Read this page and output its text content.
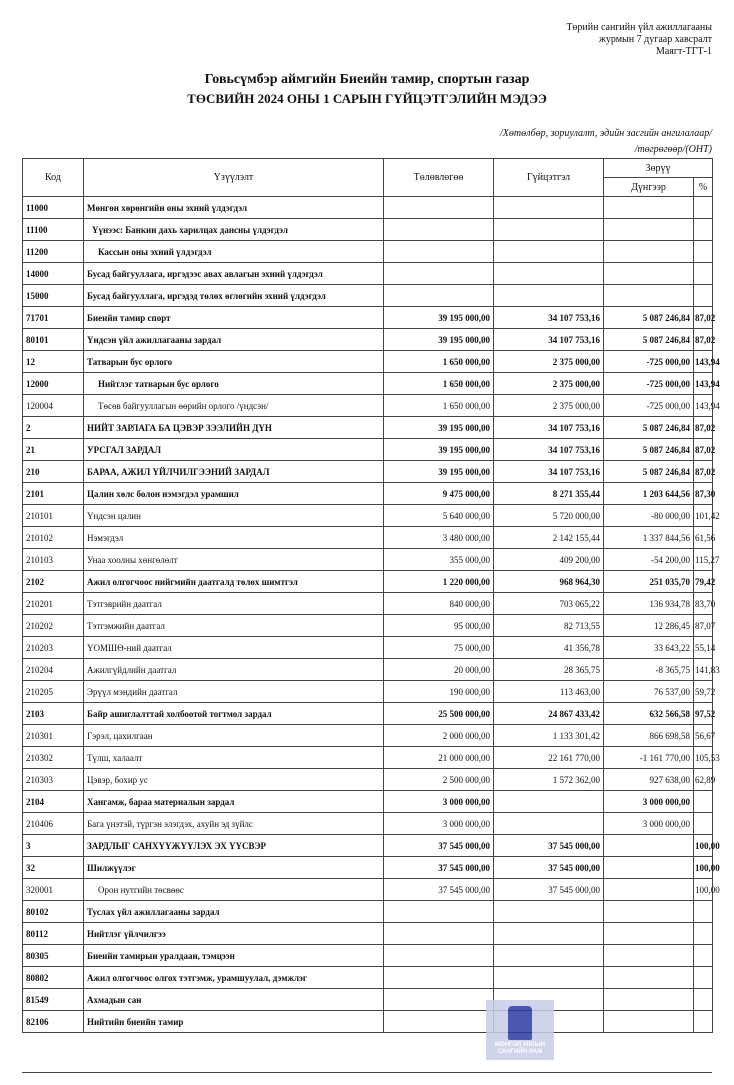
Төрийн сангийн үйл ажиллагааны
журмын 7 дугаар хавсралт
Маягт-ТГТ-1
Говьсүмбэр аймгийн Биеийн тамир, спортын газар
ТӨСВИЙН 2024 ОНЫ 1 САРЫН ГҮЙЦЭТГЭЛИЙН МЭДЭЭ
/Хөтөлбөр, зориулалт, эдийн засгийн ангилалаар/
/төгрөгөөр/(ОНТ)
Код	Үзүүлэлт	Төлөвлөгөө	Гүйцэтгэл	Зөрүү	
				Дүнгээр	%
11000	Мөнгөн хөрөнгийн оны эхний үлдэгдэл				
11100	Үүнээс: Банкин дахь харилцах дансны үлдэгдэл				
11200	Кассын оны эхний үлдэгдэл				
14000	Бусад байгууллага, иргэдээс авах авлагын эхний үлдэгдэл				
15000	Бусад байгууллага, иргэдэд төлөх өглөгийн эхний үлдэгдэл				
71701	Биеийн тамир спорт	39 195 000,00	34 107 753,16	5 087 246,84	87,02
80101	Үндсэн үйл ажиллагааны зардал	39 195 000,00	34 107 753,16	5 087 246,84	87,02
12	Татварын бус орлого	1 650 000,00	2 375 000,00	-725 000,00	143,94
12000	Нийтлэг татварын бус орлого	1 650 000,00	2 375 000,00	-725 000,00	143,94
120004	Төсөв байгууллагын өөрийн орлого /үндсэн/	1 650 000,00	2 375 000,00	-725 000,00	143,94
2	НИЙТ ЗАРЛАГА БА ЦЭВЭР ЗЭЭЛИЙН ДҮН	39 195 000,00	34 107 753,16	5 087 246,84	87,02
21	УРСГАЛ ЗАРДАЛ	39 195 000,00	34 107 753,16	5 087 246,84	87,02
210	БАРАА, АЖИЛ ҮЙЛЧИЛГЭЭНИЙ ЗАРДАЛ	39 195 000,00	34 107 753,16	5 087 246,84	87,02
2101	Цалин хөлс болон нэмэгдэл урамшил	9 475 000,00	8 271 355,44	1 203 644,56	87,30
210101	Үндсэн цалин	5 640 000,00	5 720 000,00	-80 000,00	101,42
210102	Нэмэгдэл	3 480 000,00	2 142 155,44	1 337 844,56	61,56
210103	Унаа хоолны хөнгөлөлт	355 000,00	409 200,00	-54 200,00	115,27
2102	Ажил олгогчоос нийгмийн даатгалд төлөх шимтгэл	1 220 000,00	968 964,30	251 035,70	79,42
210201	Тэтгэврийн даатгал	840 000,00	703 065,22	136 934,78	83,70
210202	Тэтгэмжийн даатгал	95 000,00	82 713,55	12 286,45	87,07
210203	ҮОМШӨ-ний даатгал	75 000,00	41 356,78	33 643,22	55,14
210204	Ажилгүйдлийн даатгал	20 000,00	28 365,75	-8 365,75	141,83
210205	Эрүүл мэндийн даатгал	190 000,00	113 463,00	76 537,00	59,72
2103	Байр ашиглалттай холбоотой тогтмол зардал	25 500 000,00	24 867 433,42	632 566,58	97,52
210301	Гэрэл, цахилгаан	2 000 000,00	1 133 301,42	866 698,58	56,67
210302	Түлш, халаалт	21 000 000,00	22 161 770,00	-1 161 770,00	105,53
210303	Цэвэр, бохир ус	2 500 000,00	1 572 362,00	927 638,00	62,89
2104	Хангамж, бараа материалын зардал	3 000 000,00		3 000 000,00	
210406	Бага үнэтэй, түргэн элэгдэх, ахуйн эд зүйлс	3 000 000,00		3 000 000,00	
3	ЗАРДЛЫГ САНХҮҮЖҮҮЛЭХ ЭХ ҮҮСВЭР	37 545 000,00	37 545 000,00		100,00
32	Шилжүүлэг	37 545 000,00	37 545 000,00		100,00
320001	Орон нутгийн төсвөөс	37 545 000,00	37 545 000,00		100,00
80102	Туслах үйл ажиллагааны зардал				
80112	Нийтлэг үйлчилгээ				
80305	Биеийн тамирын уралдаан, тэмцээн				
80802	Ажил олгогчоос олгох тэтгэмж, урамшуулал, дэмжлэг				
81549	Ахмадын сан				
82106	Нийтийн биеийн тамир				
МОНГОЛ УЛСЫН САНГИЙН ЯАМ
